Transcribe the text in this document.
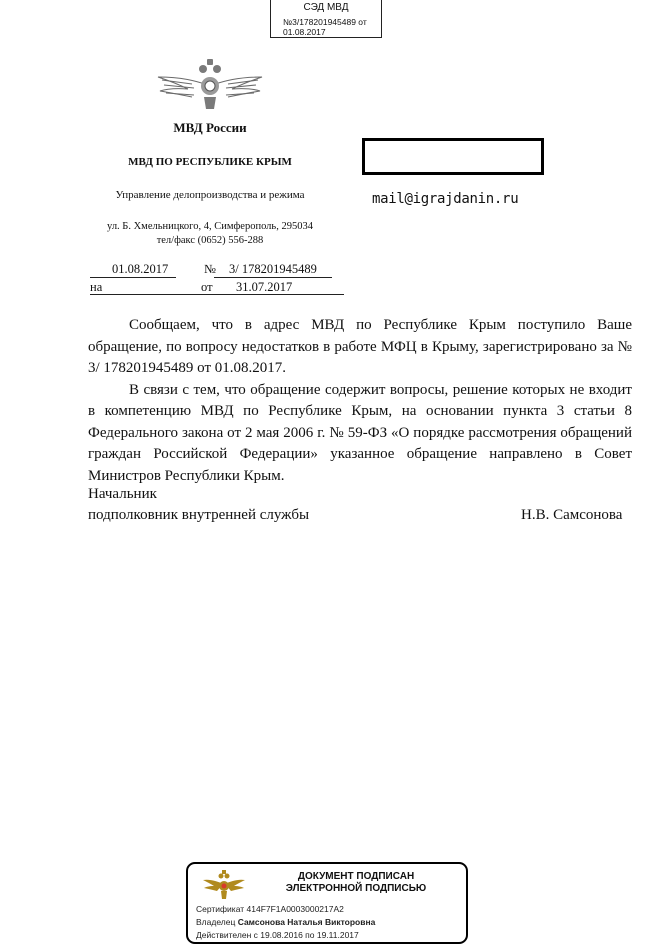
СЭД МВД
№3/178201945489 от
01.08.2017
МВД России
МВД ПО РЕСПУБЛИКЕ КРЫМ
Управление делопроизводства и режима
ул. Б. Хмельницкого, 4, Симферополь, 295034
тел/факс (0652) 556-288
mail@igrajdanin.ru
01.08.2017	№ 3/ 178201945489
на	от 31.07.2017

Сообщаем, что в адрес МВД по Республике Крым поступило Ваше обращение, по вопросу недостатков в работе МФЦ в Крыму, зарегистрировано за № 3/ 178201945489 от 01.08.2017.

В связи с тем, что обращение содержит вопросы, решение которых не входит в компетенцию МВД по Республике Крым, на основании пункта 3 статьи 8 Федерального закона от 2 мая 2006 г. № 59-ФЗ «О порядке рассмотрения обращений граждан Российской Федерации» указанное обращение направлено в Совет Министров Республики Крым.

Начальник
подполковник внутренней службы	Н.В. Самсонова
ДОКУМЕНТ ПОДПИСАН
ЭЛЕКТРОННОЙ ПОДПИСЬЮ
Сертификат 414F7F1A0003000217A2
Владелец Самсонова Наталья Викторовна
Действителен с 19.08.2016 по 19.11.2017
